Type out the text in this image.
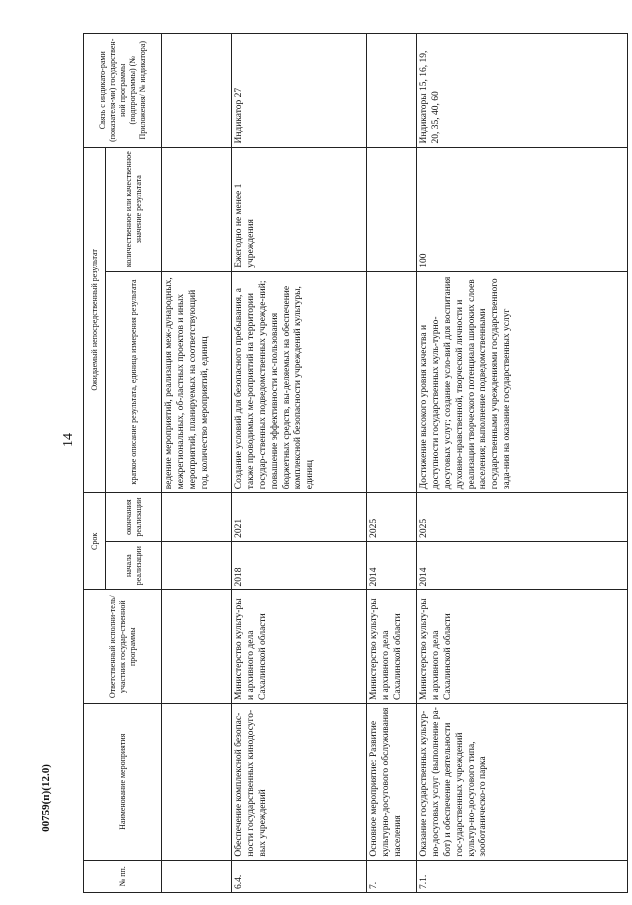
14
00759(п)(12.0)
№ пп.	Наименование мероприятия	Ответственный исполни-тель/участник государ-ственной программы	Срок		Ожидаемый непосредственный результат		Связь с индикато-рами (показателя-ми) государствен-ной программы (подпрограммы) (№ Приложения/ № индикатора)
			начала реализации	окончания реализации	краткое описание результата, единица измерения результата	количественное или качественное значение результата	
					ведение мероприятий, реализация меж-дународных, межрегиональных, об-ластных проектов и иных мероприятий, планируемых на соответствующий год, количество мероприятий, единиц		
6.4.	Обеспечение комплексной безопас-ности государственных кинодосуго-вых учреждений	Министерство культу-ры и архивного дела Сахалинской области	2018	2021	Создание условий для безопасного пребывания, а также проводимых ме-роприятий на территории государ-ственных подведомственных учрежде-ний; повышение эффективности ис-пользования бюджетных средств, вы-деляемых на обеспечение комплексной безопасности учреждений культуры, единиц	Ежегодно не менее 1 учреждения	Индикатор 27
7.	Основное мероприятие: Развитие культурно-досугового обслуживания населения	Министерство культу-ры и архивного дела Сахалинской области	2014	2025			
7.1.	Оказание государственных культур-но-досуговых услуг (выполнение ра-бот) и обеспечение деятельности гос-ударственных учреждений культур-но-досугового типа, зооботаническо-го парка	Министерство культу-ры и архивного дела Сахалинской области	2014	2025	Достижение высокого уровня качества и доступности государственных куль-турно-досуговых услуг; создание усло-вий для воспитания духовно-нравственной, творческой личности и реализации творческого потенциала широких слоев населения; выполнение подведомственными государственными учреждениями государственного зада-ния на оказание государственных услуг	100	Индикаторы 15, 16, 19, 20, 35, 40, 60
